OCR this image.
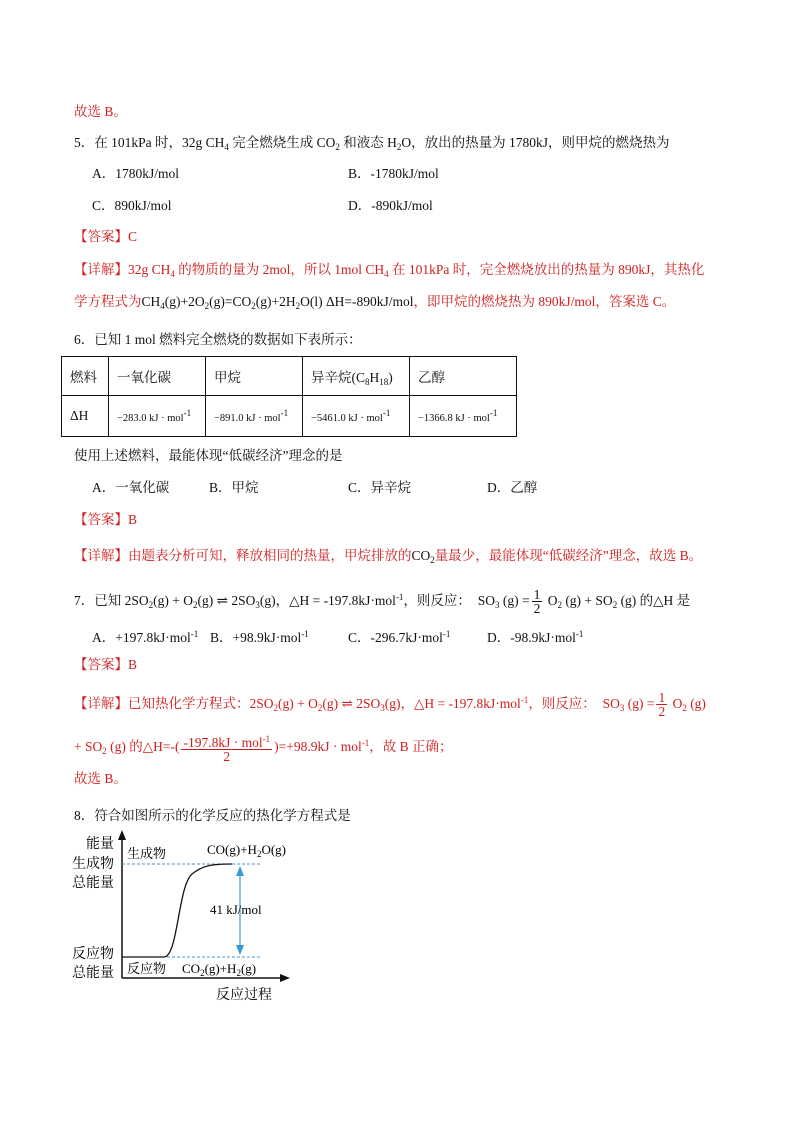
故选 B。
5．在 101kPa 时，32g $CH_4$ 完全燃烧生成 $CO_2$ 和液态 $H_2O$，放出的热量为 1780kJ，则甲烷的燃烧热为
A．1780kJ/mol	B．-1780kJ/mol
C．890kJ/mol	D．-890kJ/mol
【答案】C
【详解】32g $CH_4$ 的物质的量为 2mol，所以 1mol $CH_4$ 在 101kPa 时，完全燃烧放出的热量为 890kJ，其热化
学方程式为$CH_4(g)+2O_2(g)=CO_2(g)+2H_2O(l)$ ΔH=-890kJ/mol，即甲烷的燃烧热为 890kJ/mol，答案选 C。
6．已知 1 mol 燃料完全燃烧的数据如下表所示：
燃料	一氧化碳	甲烷	异辛烷$(C_8H_{18})$	乙醇
ΔH	−283.0 kJ · mol$^{-1}$	−891.0 kJ · mol$^{-1}$	−5461.0 kJ · mol$^{-1}$	−1366.8 kJ · mol$^{-1}$
使用上述燃料，最能体现“低碳经济”理念的是
A．一氧化碳	B．甲烷	C．异辛烷	D．乙醇
【答案】B
【详解】由题表分析可知，释放相同的热量，甲烷排放的$CO_2$量最少，最能体现“低碳经济”理念，故选 B。
7．已知 $2SO_2(g) + O_2(g)$ ⇌ $2SO_3(g)$，△H = -197.8kJ·mol$^{-1}$，则反应： $SO_3$ $(g) = \frac{1}{2} O_2$ $(g) + SO_2$ (g) 的△H 是
A．+197.8kJ·mol$^{-1}$ B．+98.9kJ·mol$^{-1}$	C．-296.7kJ·mol$^{-1}$	D．-98.9kJ·mol$^{-1}$
【答案】B
【详解】已知热化学方程式：$2SO_2(g) + O_2(g)$ ⇌ $2SO_3(g)$，△H = -197.8kJ·mol$^{-1}$，则反应： $SO_3$ $(g) = \frac{1}{2} O_2$ (g)
+ $SO_2$ (g) 的△H=-( $\frac{-197.8kJ \cdot mol^{-1}}{2} )=+98.9kJ \cdot mol^{-1}$，故 B 正确；
故选 B。
8．符合如图所示的化学反应的热化学方程式是
能量
生成物
总能量
反应物
总能量
生成物	$CO(g)+H_2O(g)$
41 kJ/mol
反应物 $CO_2(g)+H_2(g)$
反应过程
